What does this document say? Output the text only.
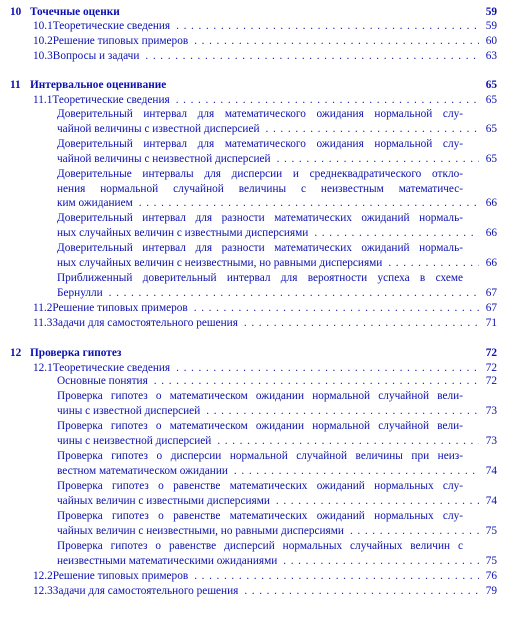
10 Точечные оценки	59
10.1 Теоретические сведения . . .	59
10.2 Решение типовых примеров . . .	60
10.3 Вопросы и задачи . . .	63
11 Интервальное оценивание	65
11.1 Теоретические сведения . . .	65
Доверительный интервал для математического ожидания нормальной слу-
чайной величины с известной дисперсией . . .	65
Доверительный интервал для математического ожидания нормальной слу-
чайной величины с неизвестной дисперсией . . .	65
Доверительные интервалы для дисперсии и среднеквадратического откло-
нения нормальной случайной величины с неизвестным математичес-
ким ожиданием . . .	66
Доверительный интервал для разности математических ожиданий нормаль-
ных случайных величин с известными дисперсиями . . .	66
Доверительный интервал для разности математических ожиданий нормаль-
ных случайных величин с неизвестными, но равными дисперсиями . . .	66
Приближенный доверительный интервал для вероятности успеха в схеме
Бернулли . . .	67
11.2 Решение типовых примеров . . .	67
11.3 Задачи для самостоятельного решения . . .	71
12 Проверка гипотез	72
12.1 Теоретические сведения . . .	72
Основные понятия . . .	72
Проверка гипотез о математическом ожидании нормальной случайной вели-
чины с известной дисперсией . . .	73
Проверка гипотез о математическом ожидании нормальной случайной вели-
чины с неизвестной дисперсией . . .	73
Проверка гипотез о дисперсии нормальной случайной величины при неиз-
вестном математическом ожидании . . .	74
Проверка гипотез о равенстве математических ожиданий нормальных слу-
чайных величин с известными дисперсиями . . .	74
Проверка гипотез о равенстве математических ожиданий нормальных слу-
чайных величин с неизвестными, но равными дисперсиями . . .	75
Проверка гипотез о равенстве дисперсий нормальных случайных величин с
неизвестными математическими ожиданиями . . .	75
12.2 Решение типовых примеров . . .	76
12.3 Задачи для самостоятельного решения . . .	79
